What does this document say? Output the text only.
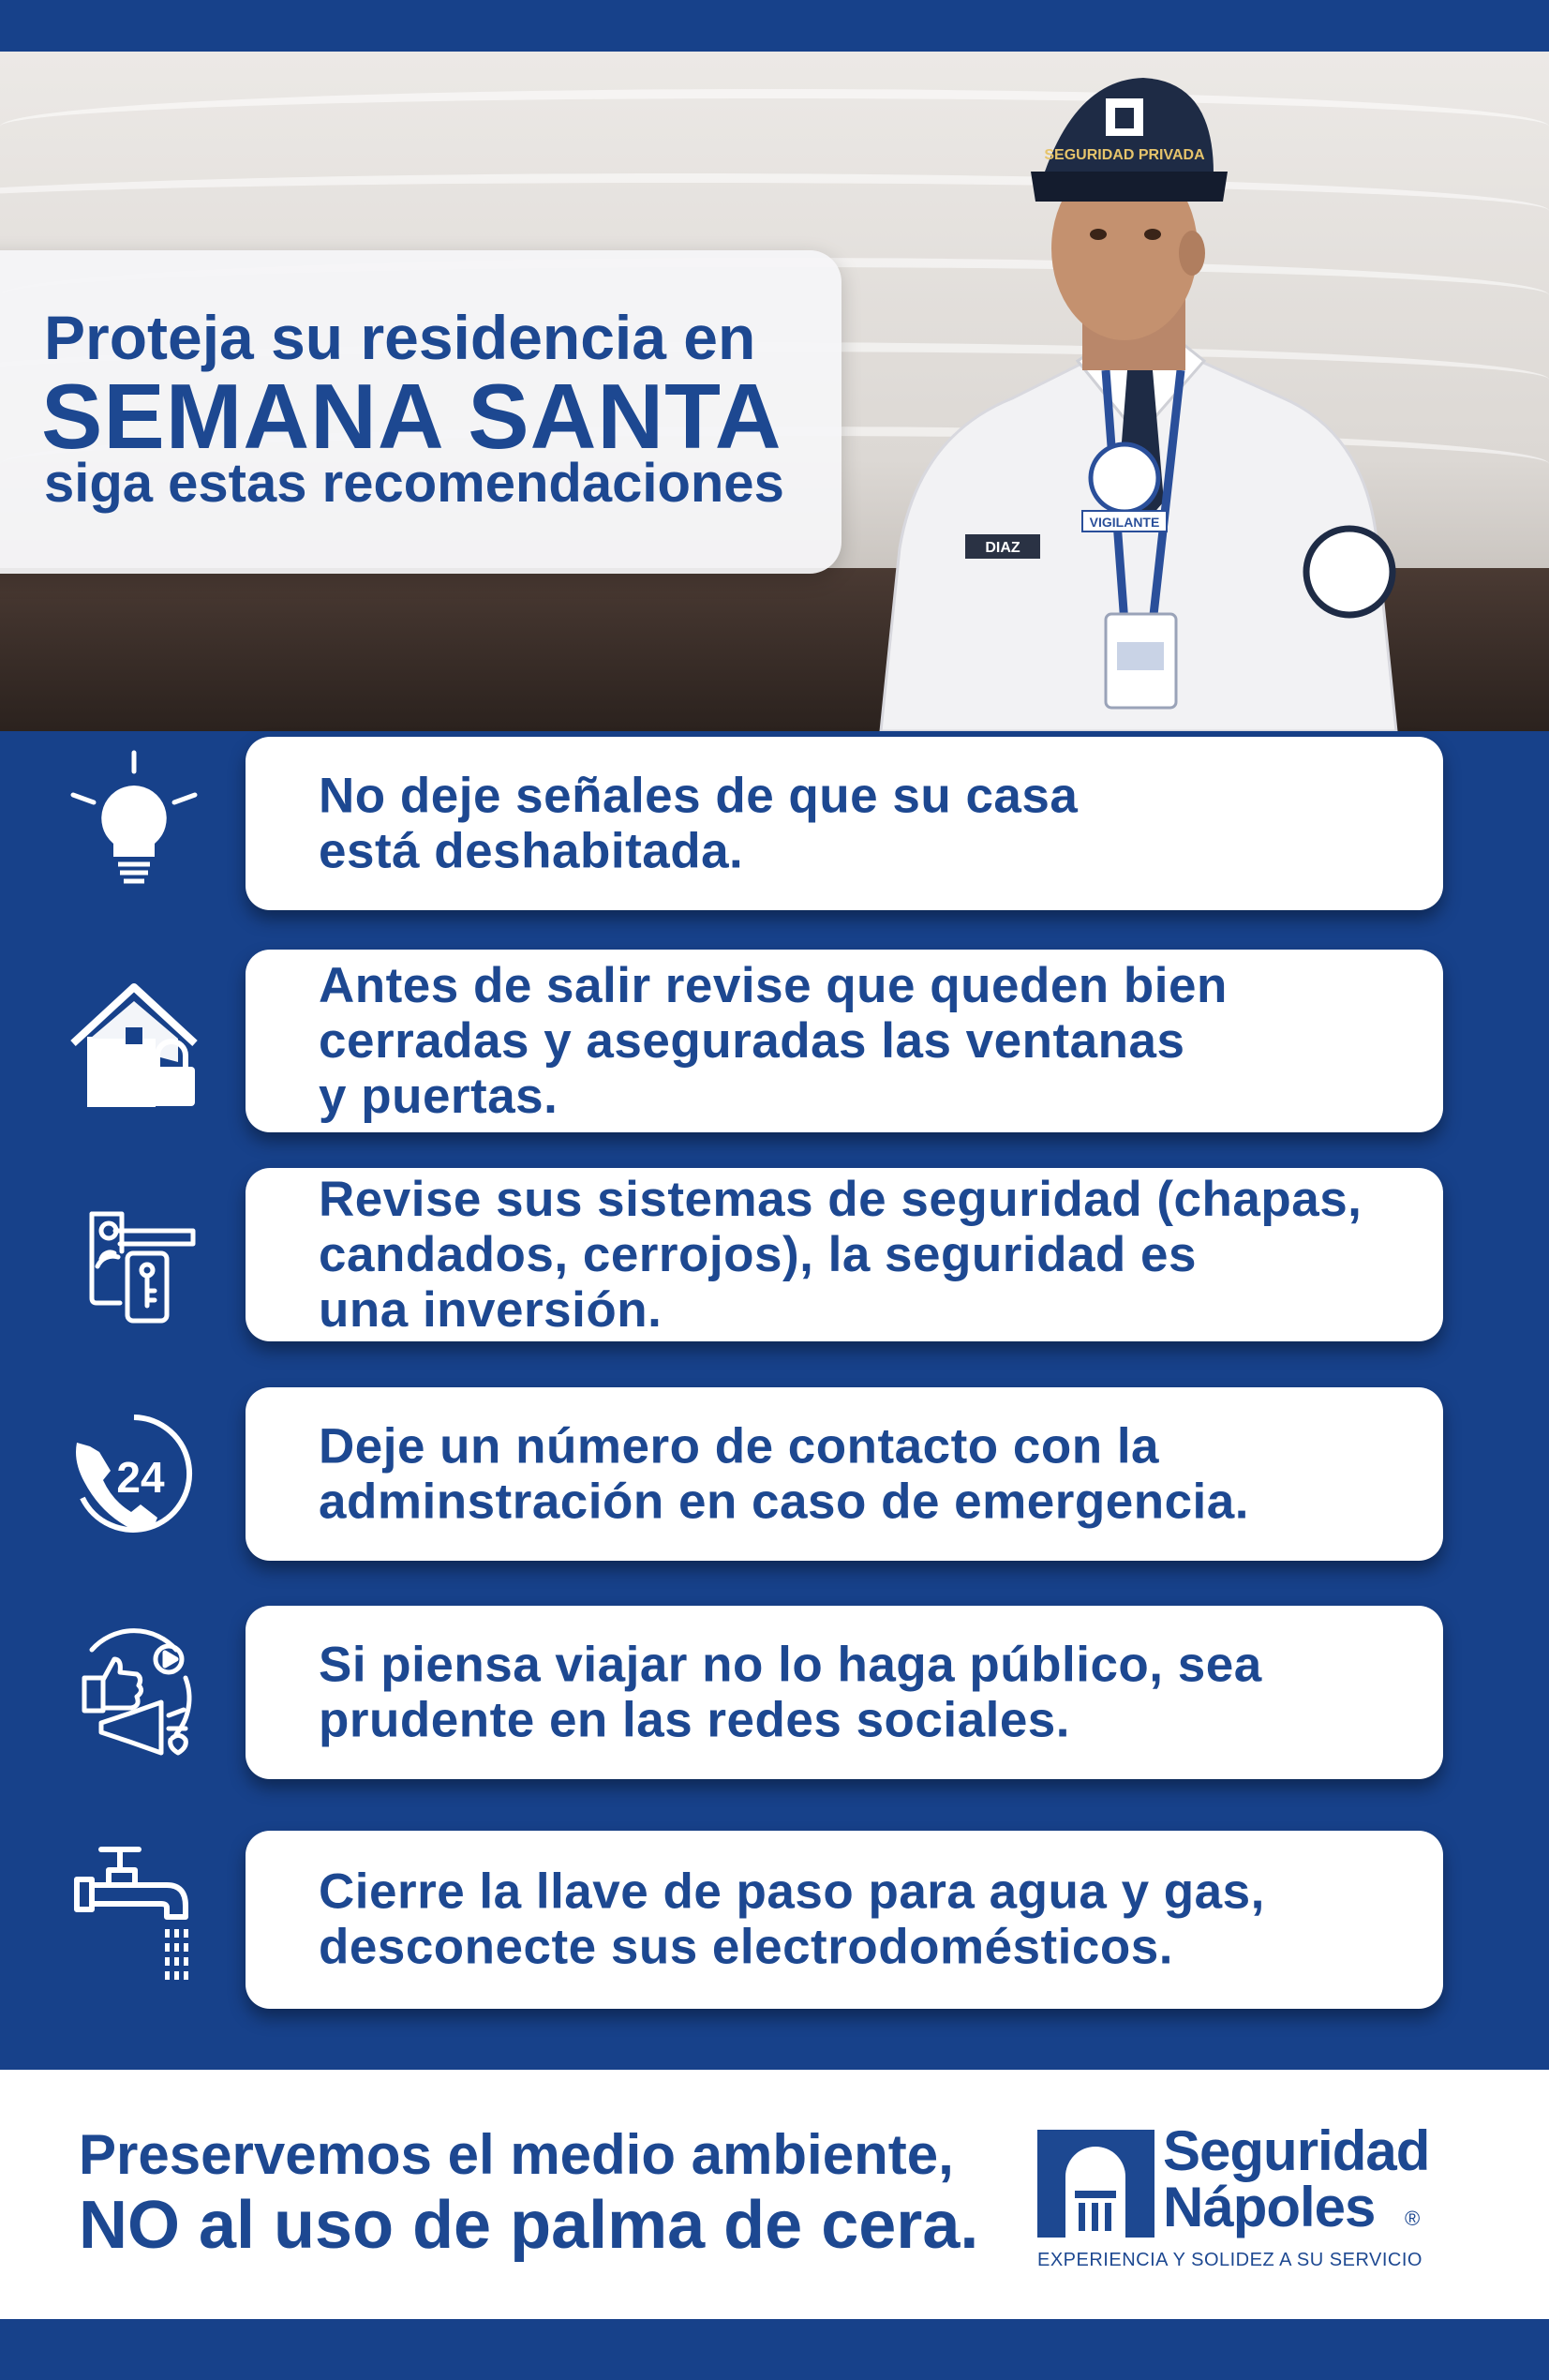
DIAZ
VIGILANTE
SEGURIDAD PRIVADA
Proteja su residencia en
SEMANA SANTA
siga estas recomendaciones
No deje señales de que su casa
está deshabitada.
Antes de salir revise que queden bien
cerradas y aseguradas las ventanas
y puertas.
Revise sus sistemas de seguridad (chapas,
candados, cerrojos), la seguridad es
una inversión.
24
Deje un número de contacto con la
adminstración en caso de emergencia.
Si piensa viajar no lo haga público, sea
prudente en las redes sociales.
Cierre la llave de paso para agua y gas,
desconecte sus electrodomésticos.
Preservemos el medio ambiente,
NO al uso de palma de cera.
Seguridad
Nápoles ®
EXPERIENCIA Y SOLIDEZ A SU SERVICIO
